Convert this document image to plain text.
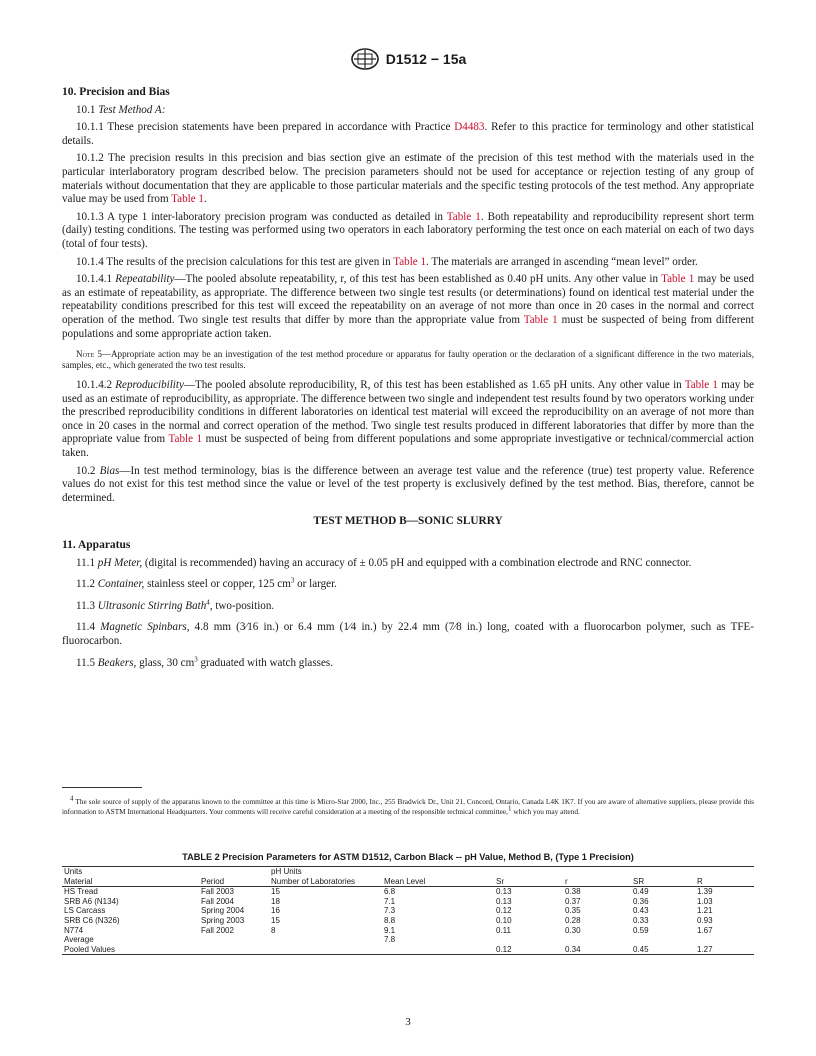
D1512 − 15a
10. Precision and Bias

10.1 Test Method A:

10.1.1 These precision statements have been prepared in accordance with Practice D4483. Refer to this practice for terminology and other statistical details.

10.1.2 The precision results in this precision and bias section give an estimate of the precision of this test method with the materials used in the particular interlaboratory program described below. The precision parameters should not be used for acceptance or rejection testing of any group of materials without documentation that they are applicable to those particular materials and the specific testing protocols of the test method. Any appropriate value may be used from Table 1.

10.1.3 A type 1 inter-laboratory precision program was conducted as detailed in Table 1. Both repeatability and reproducibility represent short term (daily) testing conditions. The testing was performed using two operators in each laboratory performing the test once on each material on each of two days (total of four tests).

10.1.4 The results of the precision calculations for this test are given in Table 1. The materials are arranged in ascending “mean level” order.

10.1.4.1 Repeatability—The pooled absolute repeatability, r, of this test has been established as 0.40 pH units. Any other value in Table 1 may be used as an estimate of repeatability, as appropriate. The difference between two single test results (or determinations) found on identical test material under the repeatability conditions prescribed for this test will exceed the repeatability on an average of not more than once in 20 cases in the normal and correct operation of the method. Two single test results that differ by more than the appropriate value from Table 1 must be suspected of being from different populations and some appropriate action taken.

Note 5—Appropriate action may be an investigation of the test method procedure or apparatus for faulty operation or the declaration of a significant difference in the two materials, samples, etc., which generated the two test results.

10.1.4.2 Reproducibility—The pooled absolute reproducibility, R, of this test has been established as 1.65 pH units. Any other value in Table 1 may be used as an estimate of reproducibility, as appropriate. The difference between two single and independent test results found by two operators working under the prescribed reproducibility conditions in different laboratories on identical test material will exceed the reproducibility on an average of not more than once in 20 cases in the normal and correct operation of the method. Two single test results produced in different laboratories that differ by more than the appropriate value from Table 1 must be suspected of being from different populations and some appropriate investigative or technical/commercial action taken.

10.2 Bias—In test method terminology, bias is the difference between an average test value and the reference (true) test property value. Reference values do not exist for this test method since the value or level of the test property is exclusively defined by the test method. Bias, therefore, cannot be determined.

TEST METHOD B—SONIC SLURRY
11. Apparatus

11.1 pH Meter, (digital is recommended) having an accuracy of ± 0.05 pH and equipped with a combination electrode and RNC connector.

11.2 Container, stainless steel or copper, 125 $cm^3$ or larger.

11.3 Ultrasonic Stirring Bath$^4$, two-position.

11.4 Magnetic Spinbars, 4.8 mm (3⁄16 in.) or 6.4 mm (1⁄4 in.) by 22.4 mm (7⁄8 in.) long, coated with a fluorocarbon polymer, such as TFE-fluorocarbon.

11.5 Beakers, glass, 30 $cm^3$ graduated with watch glasses.

$^4$ The sole source of supply of the apparatus known to the committee at this time is Micro-Star 2000, Inc., 255 Bradwick Dr., Unit 21, Concord, Ontario, Canada L4K 1K7. If you are aware of alternative suppliers, please provide this information to ASTM International Headquarters. Your comments will receive careful consideration at a meeting of the responsible technical committee,$^1$ which you may attend.
TABLE 2 Precision Parameters for ASTM D1512, Carbon Black -- pH Value, Method B, (Type 1 Precision)
Units		pH Units					
Material	Period	Number of Laboratories	Mean Level	Sr	r	SR	R
HS Tread	Fall 2003	15	6.8	0.13	0.38	0.49	1.39
SRB A6 (N134)	Fall 2004	18	7.1	0.13	0.37	0.36	1.03
LS Carcass	Spring 2004	16	7.3	0.12	0.35	0.43	1.21
SRB C6 (N326)	Spring 2003	15	8.8	0.10	0.28	0.33	0.93
N774	Fall 2002	8	9.1	0.11	0.30	0.59	1.67
Average			7.8				
Pooled Values				0.12	0.34	0.45	1.27
3
